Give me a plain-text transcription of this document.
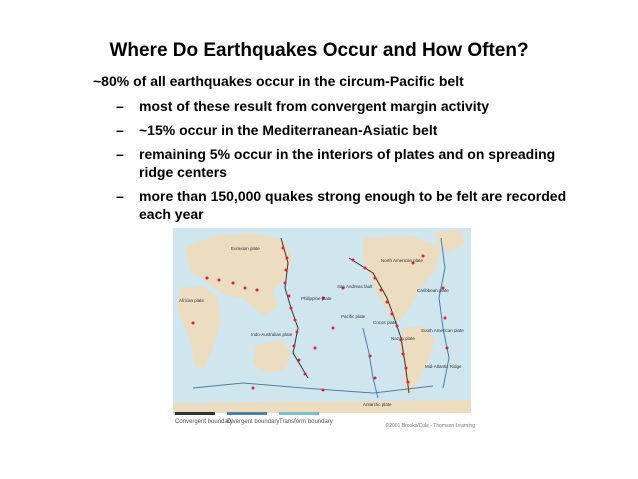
Where Do Earthquakes Occur and How Often?
~80% of all earthquakes occur in the circum-Pacific belt
– most of these result from convergent margin activity
– ~15% occur in the Mediterranean-Asiatic belt
– remaining 5% occur in the interiors of plates and on spreading ridge centers
– more than 150,000 quakes strong enough to be felt are recorded each year
Eurasian plate
African plate	Philippine plate
San Andreas fault
North American plate
Caribbean plate
Pacific plate
Cocos plate
Nazca plate
South American plate
Indo-Australian plate
Mid-Atlantic Ridge
Antarctic plate
Convergent boundary
Divergent boundary Transform boundary
©2001 Brooks/Cole - Thomson Learning
